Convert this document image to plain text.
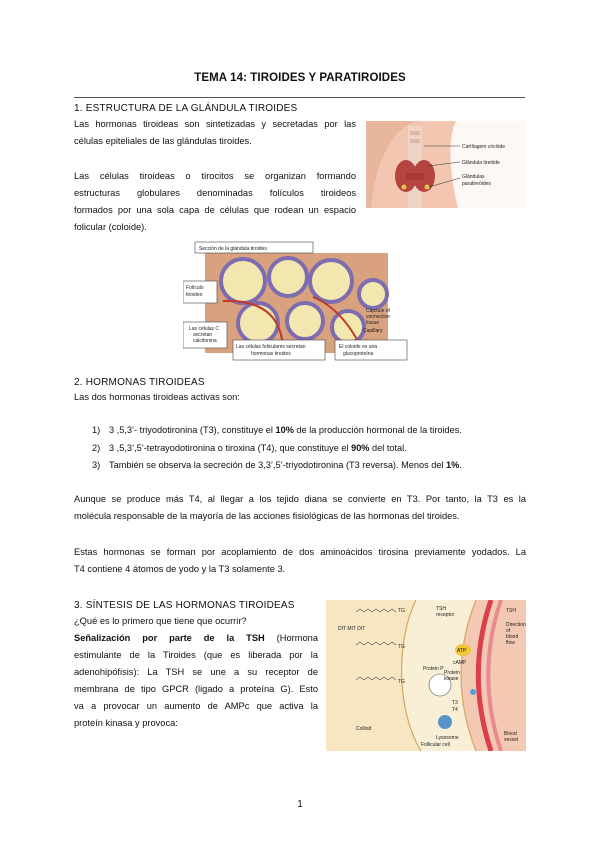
TEMA 14: TIROIDES Y PARATIROIDES
1. ESTRUCTURA DE LA GLÁNDULA TIROIDES
Las hormonas tiroideas son sintetizadas y secretadas por las
células epiteliales de las glándulas tiroides.
Las células tiroideas o tirocitos se organizan formando
estructuras globulares denominadas folículos tiroideos
formados por una sola capa de células que rodean un espacio
folicular (coloide).
Cartílagem cricóide
Glândula tireóide
Glândulas
paratireóides
Sección de la glándula tiroides
Folículo
tiroideo
Capsule of
connective
tissue
Capillary
Las células C
secretan
calcitonina
Las células foliculares secretan
hormonas tiroides
El coloide es una
glucoproteína
2. HORMONAS TIROIDEAS
Las dos hormonas tiroideas activas son:
1) 3 ,5,3’- triyodotironina (T3), constituye el 10% de la producción hormonal de la tiroides.
2) 3 ,5,3’,5’-tetrayodotironina o tiroxina (T4), que constituye el 90% del total.
3) También se observa la secreción de 3,3’,5’-triyodotironina (T3 reversa). Menos del 1%.
Aunque se produce más T4, al llegar a los tejido diana se convierte en T3. Por tanto, la T3 es la
molécula responsable de la mayoría de las acciones fisiológicas de las hormonas del tiroides.
Estas hormonas se forman por acoplamiento de dos aminoácidos tirosina previamente yodados. La
T4 contiene 4 átomos de yodo y la T3 solamente 3.
3. SÍNTESIS DE LAS HORMONAS TIROIDEAS
¿Qué es lo primero que tiene que ocurrir?
Señalización por parte de la TSH (Hormona
estimulante de la Tiroides (que es liberada por la
adenohipófisis): La TSH se une a su receptor de
membrana de tipo GPCR (ligado a proteína G). Esto
va a provocar un aumento de AMPc que activa la
proteín kinasa y provoca:
TG
DIT MIT DIT
TG
TG
TSH
receptor
TSH
Direction
of
blood
flow
ATP
cAMP
Protein P
Protein
kinase
T3
T4
Lysosome
Colloid
Follicular cell
Blood
vessel
1
